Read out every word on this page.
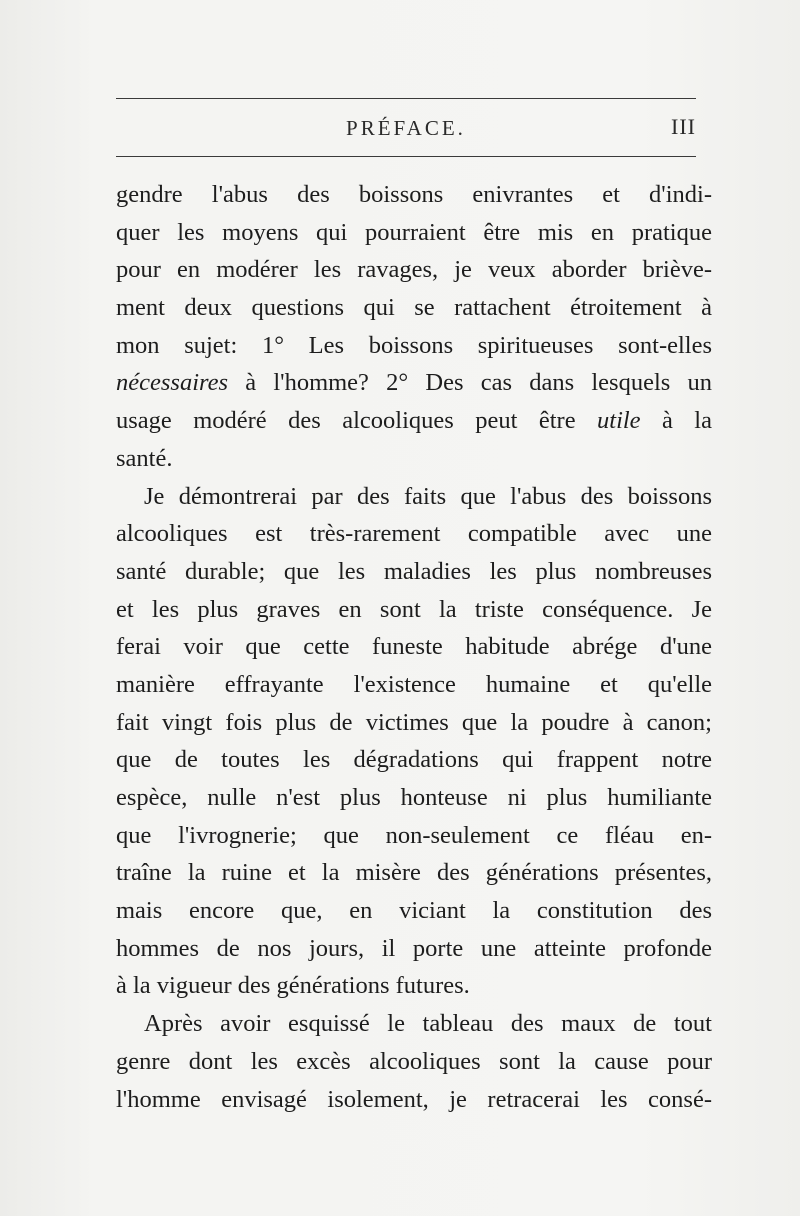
PRÉFACE.	III
gendre l'abus des boissons enivrantes et d'indi-
quer les moyens qui pourraient être mis en pratique
pour en modérer les ravages, je veux aborder briève-
ment deux questions qui se rattachent étroitement à
mon sujet: 1° Les boissons spiritueuses sont-elles
nécessaires à l'homme? 2° Des cas dans lesquels un
usage modéré des alcooliques peut être utile à la
santé.
Je démontrerai par des faits que l'abus des boissons
alcooliques est très-rarement compatible avec une
santé durable; que les maladies les plus nombreuses
et les plus graves en sont la triste conséquence. Je
ferai voir que cette funeste habitude abrége d'une
manière effrayante l'existence humaine et qu'elle
fait vingt fois plus de victimes que la poudre à canon;
que de toutes les dégradations qui frappent notre
espèce, nulle n'est plus honteuse ni plus humiliante
que l'ivrognerie; que non-seulement ce fléau en-
traîne la ruine et la misère des générations présentes,
mais encore que, en viciant la constitution des
hommes de nos jours, il porte une atteinte profonde
à la vigueur des générations futures.
Après avoir esquissé le tableau des maux de tout
genre dont les excès alcooliques sont la cause pour
l'homme envisagé isolement, je retracerai les consé-
